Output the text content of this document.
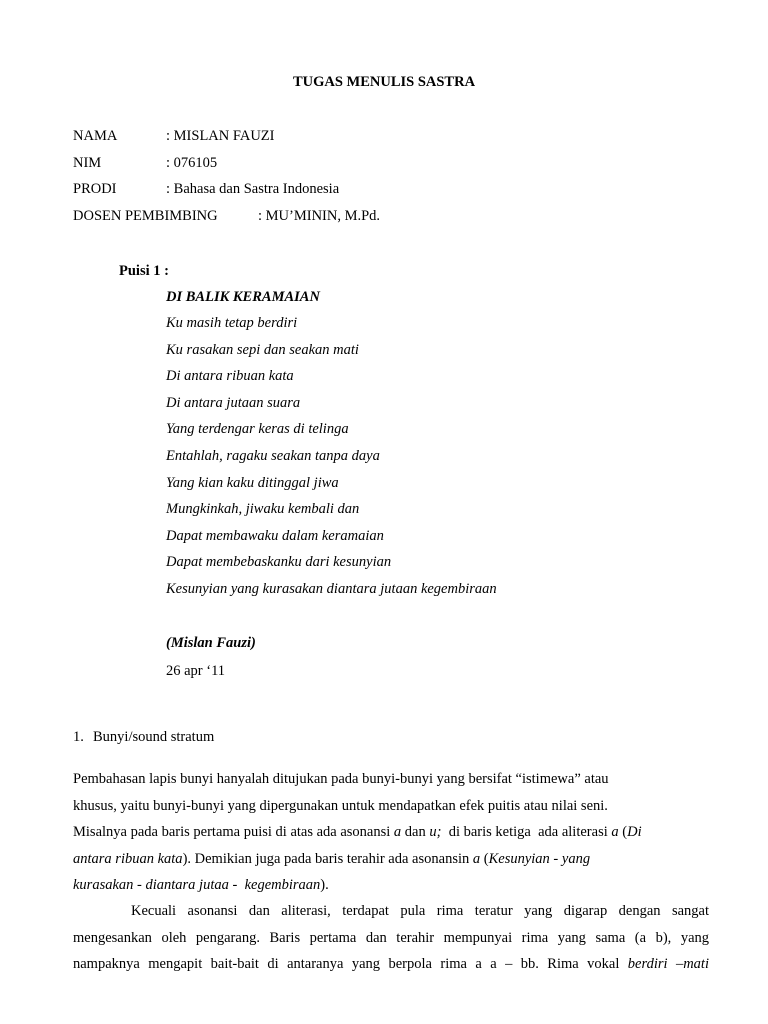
TUGAS MENULIS SASTRA
NAMA	: MISLAN FAUZI
NIM	: 076105
PRODI	: Bahasa dan Sastra Indonesia
DOSEN PEMBIMBING	: MU’MININ, M.Pd.
Puisi 1 :
DI BALIK KERAMAIAN
Ku masih tetap berdiri
Ku rasakan sepi dan seakan mati
Di antara ribuan kata
Di antara jutaan suara
Yang terdengar keras di telinga
Entahlah, ragaku seakan tanpa daya
Yang kian kaku ditinggal jiwa
Mungkinkah, jiwaku kembali dan
Dapat membawaku dalam keramaian
Dapat membebaskanku dari kesunyian
Kesunyian yang kurasakan diantara jutaan kegembiraan
(Mislan Fauzi)
26 apr ‘11
1. Bunyi/sound stratum
Pembahasan lapis bunyi hanyalah ditujukan pada bunyi-bunyi yang bersifat “istimewa” atau
khusus, yaitu bunyi-bunyi yang dipergunakan untuk mendapatkan efek puitis atau nilai seni.
Misalnya pada baris pertama puisi di atas ada asonansi a dan u;  di baris ketiga  ada aliterasi a (Di
antara ribuan kata). Demikian juga pada baris terahir ada asonansin a (Kesunyian - yang
kurasakan - diantara jutaa -  kegembiraan).
Kecuali asonansi dan aliterasi, terdapat pula rima teratur yang digarap dengan sangat
mengesankan oleh pengarang. Baris pertama dan terahir mempunyai rima yang sama (a b), yang
nampaknya mengapit bait-bait di antaranya yang berpola rima a a – bb. Rima vokal berdiri –mati
